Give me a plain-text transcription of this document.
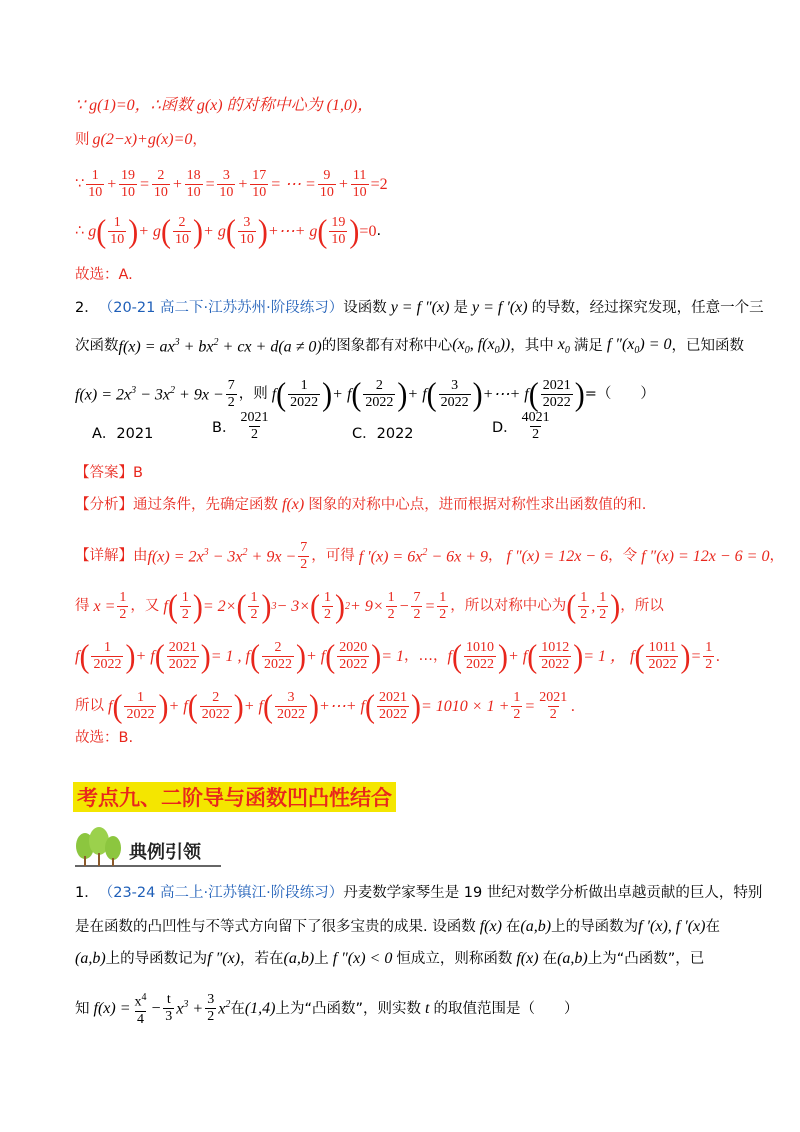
∵ g(1)=0，∴函数 g(x) 的对称中心为 (1,0)，
则 g(2−x)+g(x)=0 ，
∵ $\frac{1}{10} + \frac{19}{10} = \frac{2}{10} + \frac{18}{10} = \frac{3}{10} + \frac{17}{10}$ = ⋯ = $\frac{9}{10} + \frac{11}{10} =2$
∴ g ( $\frac{1}{10}$ ) + g ( $\frac{2}{10}$ ) + g ( $\frac{3}{10}$ ) +⋯+ g ( $\frac{19}{10}$ ) =0 .
故选：A.
2． （20-21 高二下·江苏苏州·阶段练习） 设函数 y = f ″(x) 是 y = f ′(x) 的导数，经过探究发现，任意一个三
次函数 $f(x) = ax^3 + bx^2$ + cx + d(a ≠ 0) 的图象都有对称中心 ($x_0$, $f(x_0)$) ，其中 $x_0$ 满足 f $''(x_0) = 0$ ，已知函数
$f(x) = 2x^3 - 3x^2 + 9x - \frac{7}{2}$ ，则 f ( $\frac{1}{2022}$ ) + f ( $\frac{2}{2022}$ ) + f ( $\frac{3}{2022}$ ) +⋯+ f ( $\frac{2021}{2022}$ ) =（　　）
A．2021	B． $\frac{2021}{2}$	C．2022	D． $\frac{4021}{2}$
【答案】 B
【分析】 通过条件，先确定函数 f(x) 图象的对称中心点，进而根据对称性求出函数值的和.
【详解】 由 $f(x) = 2x^3 - 3x^2 + 9x - \frac{7}{2}$ ，可得 f $'(x) = 6x^2 - 6x + 9$ ， f ″(x) = 12x − 6 ，令 f ″(x) = 12x − 6 = 0 ，
得 $x = \frac{1}{2}$ ，又 f ( $\frac{1}{2}$ ) = 2× ( $\frac{1}{2}$ ) 3 − 3× ( $\frac{1}{2}$ ) $2 + 9\times \frac{1}{2} - \frac{7}{2} = \frac{1}{2}$ ，所以对称中心为 ( $\frac{1}{2}$ , $\frac{1}{2}$ ) ，所以
f ( $\frac{1}{2022}$ ) + f ( $\frac{2021}{2022}$ ) = 1 , f ( $\frac{2}{2022}$ ) + f ( $\frac{2020}{2022}$ ) = 1 ，…， f ( $\frac{1010}{2022}$ ) + f ( $\frac{1012}{2022}$ ) = 1 ， f ( $\frac{1011}{2022}$ ) = $\frac{1}{2}$ .
所以 f ( $\frac{1}{2022}$ ) + f ( $\frac{2}{2022}$ ) + f ( $\frac{3}{2022}$ ) +⋯+ f ( $\frac{2021}{2022}$ ) = $1010 \times 1 + \frac{1}{2} = \frac{2021}{2}$ .
故选：B.
考点九、二阶导与函数凹凸性结合
典例引领
1． （23-24 高二上·江苏镇江·阶段练习） 丹麦数学家琴生是 19 世纪对数学分析做出卓越贡献的巨人，特别
是在函数的凸凹性与不等式方向留下了很多宝贵的成果. 设函数 f(x) 在 (a,b) 上的导函数为 f ′(x), f ′(x) 在
(a,b) 上的导函数记为 f ″(x) ，若在 (a,b) 上 f ″(x) < 0 恒成立，则称函数 f(x) 在 (a,b) 上为“凸函数”，已
知 $f(x) = \frac{x^4}{4} - \frac{t}{3} x^3 + \frac{3}{2} x^2$ 在 (1,4) 上为“凸函数”，则实数 t 的取值范围是（　　）
